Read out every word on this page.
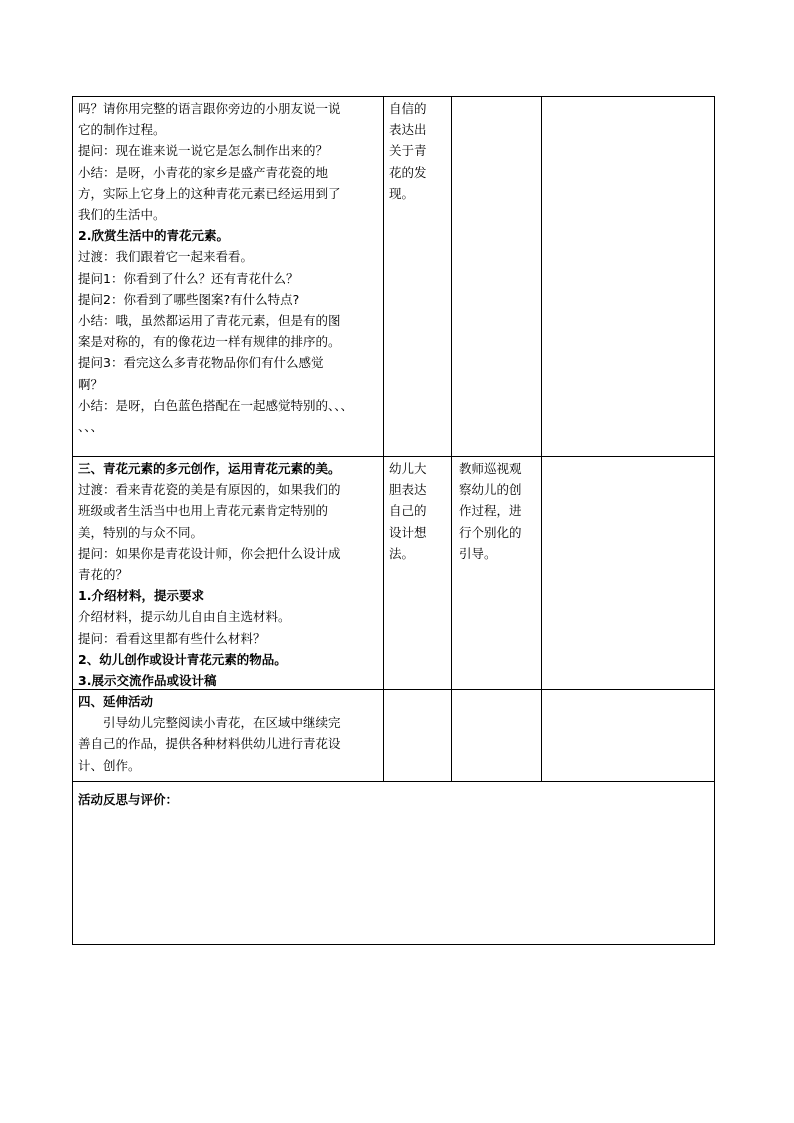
吗？请你用完整的语言跟你旁边的小朋友说一说

它的制作过程。

提问：现在谁来说一说它是怎么制作出来的？

小结：是呀，小青花的家乡是盛产青花瓷的地

方，实际上它身上的这种青花元素已经运用到了

我们的生活中。

2.欣赏生活中的青花元素。

过渡：我们跟着它一起来看看。

提问1：你看到了什么？还有青花什么？

提问2：你看到了哪些图案?有什么特点?

小结：哦，虽然都运用了青花元素，但是有的图

案是对称的，有的像花边一样有规律的排序的。

提问3：看完这么多青花物品你们有什么感觉

啊？

小结：是呀，白色蓝色搭配在一起感觉特别的、、、

、、、

自信的

表达出

关于青

花的发

现。

三、青花元素的多元创作，运用青花元素的美。

过渡：看来青花瓷的美是有原因的，如果我们的

班级或者生活当中也用上青花元素肯定特别的

美，特别的与众不同。

提问：如果你是青花设计师，你会把什么设计成

青花的？

1.介绍材料，提示要求

介绍材料，提示幼儿自由自主选材料。

提问：看看这里都有些什么材料？

2、幼儿创作或设计青花元素的物品。

3.展示交流作品或设计稿

幼儿大

胆表达

自己的

设计想

法。

教师巡视观

察幼儿的创

作过程，进

行个别化的

引导。

四、延伸活动

引导幼儿完整阅读小青花，在区域中继续完

善自己的作品，提供各种材料供幼儿进行青花设

计、创作。

活动反思与评价：
